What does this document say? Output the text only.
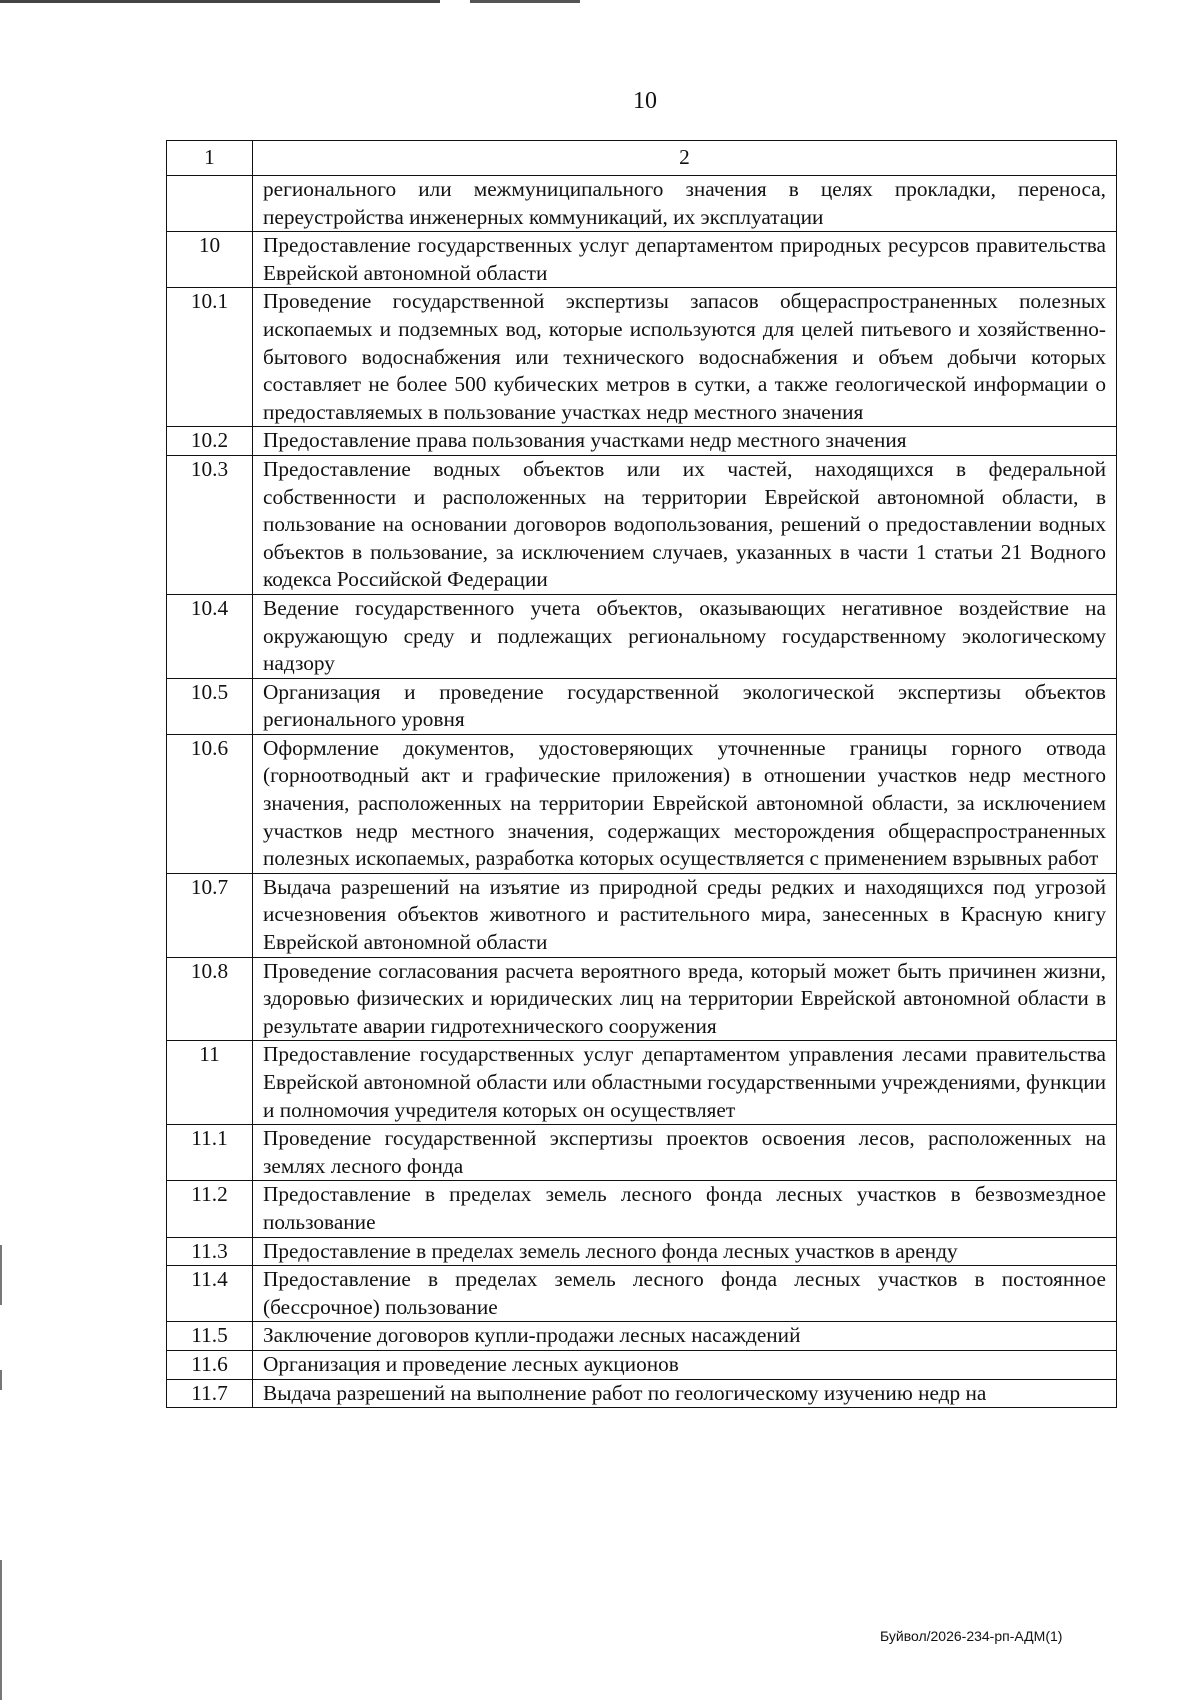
10
1	2
	регионального или межмуниципального значения в целях прокладки, переноса, переустройства инженерных коммуникаций, их эксплуатации
10	Предоставление государственных услуг департаментом природных ресурсов правительства Еврейской автономной области
10.1	Проведение государственной экспертизы запасов общераспространенных полезных ископаемых и подземных вод, которые используются для целей питьевого и хозяйственно-бытового водоснабжения или технического водоснабжения и объем добычи которых составляет не более 500 кубических метров в сутки, а также геологической информации о предоставляемых в пользование участках недр местного значения
10.2	Предоставление права пользования участками недр местного значения
10.3	Предоставление водных объектов или их частей, находящихся в федеральной собственности и расположенных на территории Еврейской автономной области, в пользование на основании договоров водопользования, решений о предоставлении водных объектов в пользование, за исключением случаев, указанных в части 1 статьи 21 Водного кодекса Российской Федерации
10.4	Ведение государственного учета объектов, оказывающих негативное воздействие на окружающую среду и подлежащих региональному государственному экологическому надзору
10.5	Организация и проведение государственной экологической экспертизы объектов регионального уровня
10.6	Оформление документов, удостоверяющих уточненные границы горного отвода (горноотводный акт и графические приложения) в отношении участков недр местного значения, расположенных на территории Еврейской автономной области, за исключением участков недр местного значения, содержащих месторождения общераспространенных полезных ископаемых, разработка которых осуществляется с применением взрывных работ
10.7	Выдача разрешений на изъятие из природной среды редких и находящихся под угрозой исчезновения объектов животного и растительного мира, занесенных в Красную книгу Еврейской автономной области
10.8	Проведение согласования расчета вероятного вреда, который может быть причинен жизни, здоровью физических и юридических лиц на территории Еврейской автономной области в результате аварии гидротехнического сооружения
11	Предоставление государственных услуг департаментом управления лесами правительства Еврейской автономной области или областными государственными учреждениями, функции и полномочия учредителя которых он осуществляет
11.1	Проведение государственной экспертизы проектов освоения лесов, расположенных на землях лесного фонда
11.2	Предоставление в пределах земель лесного фонда лесных участков в безвозмездное пользование
11.3	Предоставление в пределах земель лесного фонда лесных участков в аренду
11.4	Предоставление в пределах земель лесного фонда лесных участков в постоянное (бессрочное) пользование
11.5	Заключение договоров купли-продажи лесных насаждений
11.6	Организация и проведение лесных аукционов
11.7	Выдача разрешений на выполнение работ по геологическому изучению недр на
Буйвол/2026-234-рп-АДМ(1)
